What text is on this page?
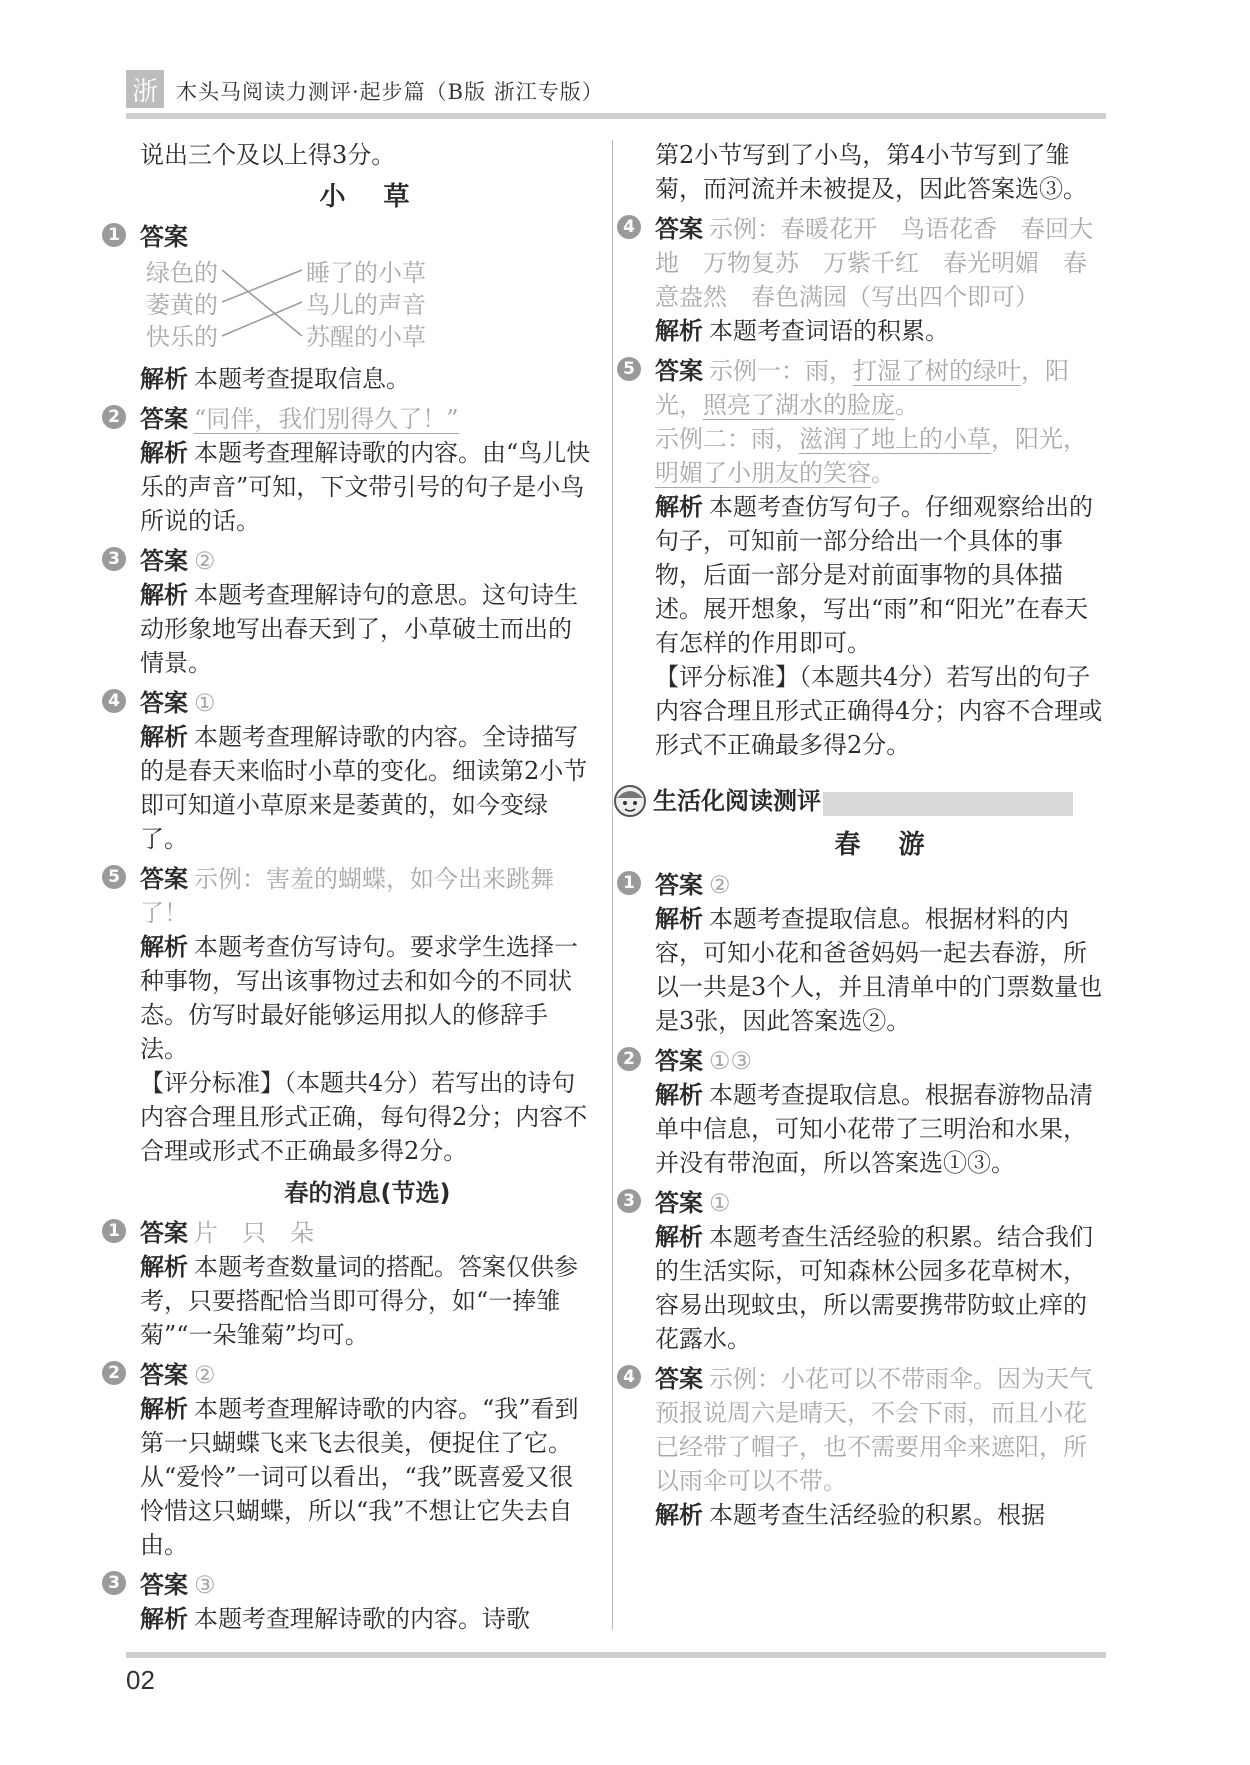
浙 木头马阅读力测评·起步篇（B版 浙江专版）

说出三个及以上得3分。

小　草
1 答案
绿色的
萎黄的
快乐的
睡了的小草
鸟儿的声音
苏醒的小草
解析 本题考查提取信息。
2 答案 “同伴，我们别得久了！”
解析 本题考查理解诗歌的内容。由“鸟儿快乐的声音”可知，下文带引号的句子是小鸟所说的话。
3 答案 ②
解析 本题考查理解诗句的意思。这句诗生动形象地写出春天到了，小草破土而出的情景。
4 答案 ①
解析 本题考查理解诗歌的内容。全诗描写的是春天来临时小草的变化。细读第2小节即可知道小草原来是萎黄的，如今变绿了。
5 答案 示例：害羞的蝴蝶，如今出来跳舞了！
解析 本题考查仿写诗句。要求学生选择一种事物，写出该事物过去和如今的不同状态。仿写时最好能够运用拟人的修辞手法。
【评分标准】（本题共4分）若写出的诗句内容合理且形式正确，每句得2分；内容不合理或形式不正确最多得2分。
春的消息(节选)
1 答案 片　只　朵
解析 本题考查数量词的搭配。答案仅供参考，只要搭配恰当即可得分，如“一捧雏菊”“一朵雏菊”均可。
2 答案 ②
解析 本题考查理解诗歌的内容。“我”看到第一只蝴蝶飞来飞去很美，便捉住了它。从“爱怜”一词可以看出，“我”既喜爱又很怜惜这只蝴蝶，所以“我”不想让它失去自由。
3 答案 ③
解析 本题考查理解诗歌的内容。诗歌

第2小节写到了小鸟，第4小节写到了雏菊，而河流并未被提及，因此答案选③。

4 答案 示例：春暖花开　鸟语花香　春回大地　万物复苏　万紫千红　春光明媚　春意盎然　春色满园（写出四个即可）
解析 本题考查词语的积累。
5 答案 示例一：雨，打湿了树的绿叶，阳光，照亮了湖水的脸庞。
示例二：雨，滋润了地上的小草，阳光，明媚了小朋友的笑容。
解析 本题考查仿写句子。仔细观察给出的句子，可知前一部分给出一个具体的事物，后面一部分是对前面事物的具体描述。展开想象，写出“雨”和“阳光”在春天有怎样的作用即可。
【评分标准】（本题共4分）若写出的句子内容合理且形式正确得4分；内容不合理或形式不正确最多得2分。
生活化阅读测评
春　游
1 答案 ②
解析 本题考查提取信息。根据材料的内容，可知小花和爸爸妈妈一起去春游，所以一共是3个人，并且清单中的门票数量也是3张，因此答案选②。
2 答案 ①③
解析 本题考查提取信息。根据春游物品清单中信息，可知小花带了三明治和水果，并没有带泡面，所以答案选①③。
3 答案 ①
解析 本题考查生活经验的积累。结合我们的生活实际，可知森林公园多花草树木，容易出现蚊虫，所以需要携带防蚊止痒的花露水。
4 答案 示例：小花可以不带雨伞。因为天气预报说周六是晴天，不会下雨，而且小花已经带了帽子，也不需要用伞来遮阳，所以雨伞可以不带。
解析 本题考查生活经验的积累。根据
02
